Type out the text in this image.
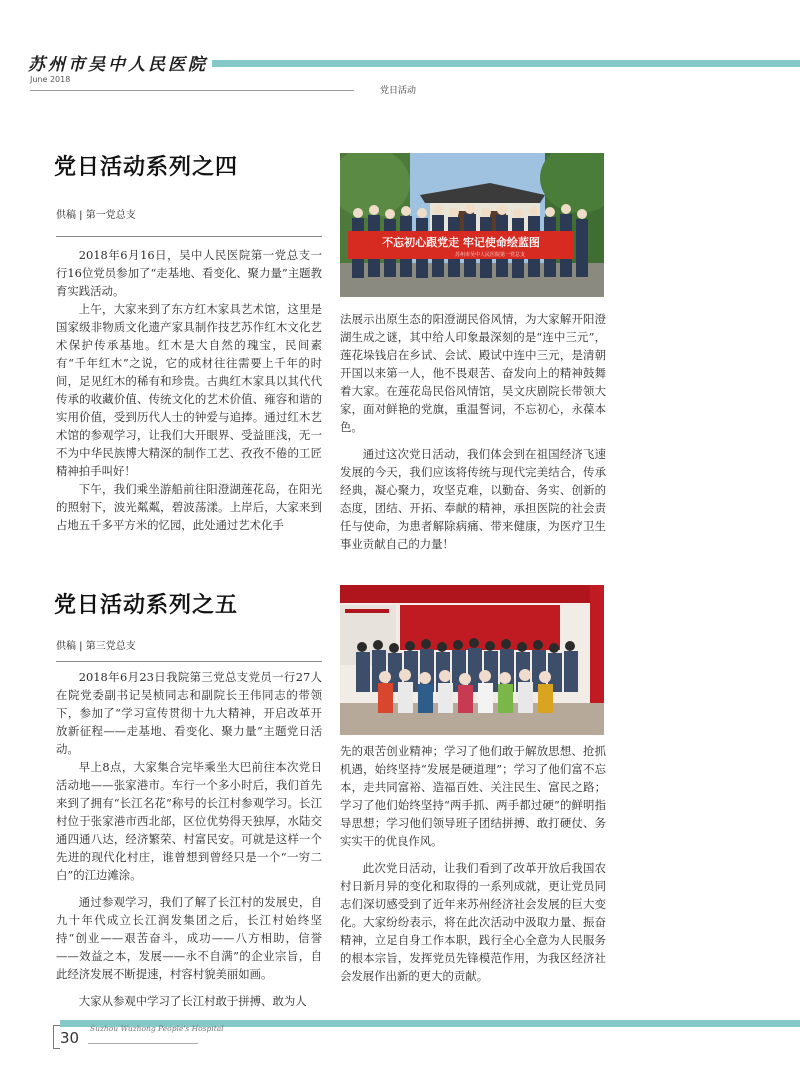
苏州市吴中人民医院
June 2018
党日活动
党日活动系列之四
供稿 | 第一党总支
不忘初心跟党走 牢记使命绘蓝图
苏州市吴中人民医院第一党总支

2018年6月16日，吴中人民医院第一党总支一行16位党员参加了“走基地、看变化、聚力量”主题教育实践活动。

上午，大家来到了东方红木家具艺术馆，这里是国家级非物质文化遗产家具制作技艺苏作红木文化艺术保护传承基地。红木是大自然的瑰宝，民间素有“千年红木”之说，它的成材往往需要上千年的时间，足见红木的稀有和珍贵。古典红木家具以其代代传承的收藏价值、传统文化的艺术价值、雍容和谐的实用价值，受到历代人士的钟爱与追捧。通过红木艺术馆的参观学习，让我们大开眼界、受益匪浅，无一不为中华民族博大精深的制作工艺、孜孜不倦的工匠精神拍手叫好！

下午，我们乘坐游船前往阳澄湖莲花岛，在阳光的照射下，波光粼粼，碧波荡漾。上岸后，大家来到占地五千多平方米的忆园，此处通过艺术化手

法展示出原生态的阳澄湖民俗风情，为大家解开阳澄湖生成之谜，其中给人印象最深刻的是“连中三元”，莲花垛钱启在乡试、会试、殿试中连中三元，是清朝开国以来第一人，他不畏艰苦、奋发向上的精神鼓舞着大家。在莲花岛民俗风情馆，吴文庆剧院长带领大家，面对鲜艳的党旗，重温誓词，不忘初心，永葆本色。

通过这次党日活动，我们体会到在祖国经济飞速发展的今天，我们应该将传统与现代完美结合，传承经典，凝心聚力，攻坚克难，以勤奋、务实、创新的态度，团结、开拓、奉献的精神，承担医院的社会责任与使命，为患者解除病痛、带来健康，为医疗卫生事业贡献自己的力量！

党日活动系列之五
供稿 | 第三党总支

2018年6月23日我院第三党总支党员一行27人在院党委副书记吴桢同志和副院长王伟同志的带领下，参加了“学习宣传贯彻十九大精神，开启改革开放新征程——走基地、看变化、聚力量”主题党日活动。

早上8点，大家集合完毕乘坐大巴前往本次党日活动地——张家港市。车行一个多小时后，我们首先来到了拥有“长江名花”称号的长江村参观学习。长江村位于张家港市西北部，区位优势得天独厚，水陆交通四通八达，经济繁荣、村富民安。可就是这样一个先进的现代化村庄，谁曾想到曾经只是一个“一穷二白”的江边滩涂。

通过参观学习，我们了解了长江村的发展史，自九十年代成立长江润发集团之后，长江村始终坚持“创业——艰苦奋斗，成功——八方相助，信誉——效益之本，发展——永不自满”的企业宗旨，自此经济发展不断提速，村容村貌美丽如画。

大家从参观中学习了长江村敢于拼搏、敢为人

先的艰苦创业精神；学习了他们敢于解放思想、抢抓机遇，始终坚持“发展是硬道理”；学习了他们富不忘本，走共同富裕、造福百姓、关注民生、富民之路；学习了他们始终坚持“两手抓、两手都过硬”的鲜明指导思想；学习他们领导班子团结拼搏、敢打硬仗、务实实干的优良作风。

此次党日活动，让我们看到了改革开放后我国农村日新月异的变化和取得的一系列成就，更让党员同志们深切感受到了近年来苏州经济社会发展的巨大变化。大家纷纷表示，将在此次活动中汲取力量、振奋精神，立足自身工作本职，践行全心全意为人民服务的根本宗旨，发挥党员先锋模范作用，为我区经济社会发展作出新的更大的贡献。

30
Suzhou Wuzhong People's Hospital
